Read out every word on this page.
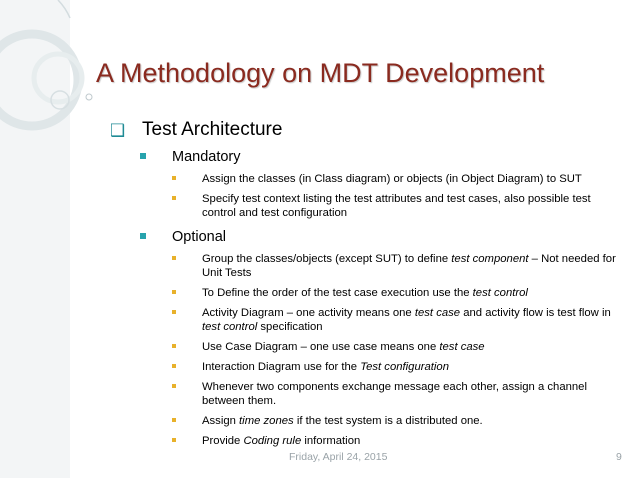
A Methodology on MDT Development
❑ Test Architecture
Mandatory
Assign the classes (in Class diagram) or objects (in Object Diagram) to SUT
Specify test context listing the test attributes and test cases, also possible test control and test configuration
Optional
Group the classes/objects (except SUT) to define test component – Not needed for Unit Tests
To Define the order of the test case execution use the test control
Activity Diagram – one activity means one test case and activity flow is test flow in test control specification
Use Case Diagram – one use case means one test case
Interaction Diagram use for the Test configuration
Whenever two components exchange message each other, assign a channel between them.
Assign time zones if the test system is a distributed one.
Provide Coding rule information
Friday, April 24, 2015	9
